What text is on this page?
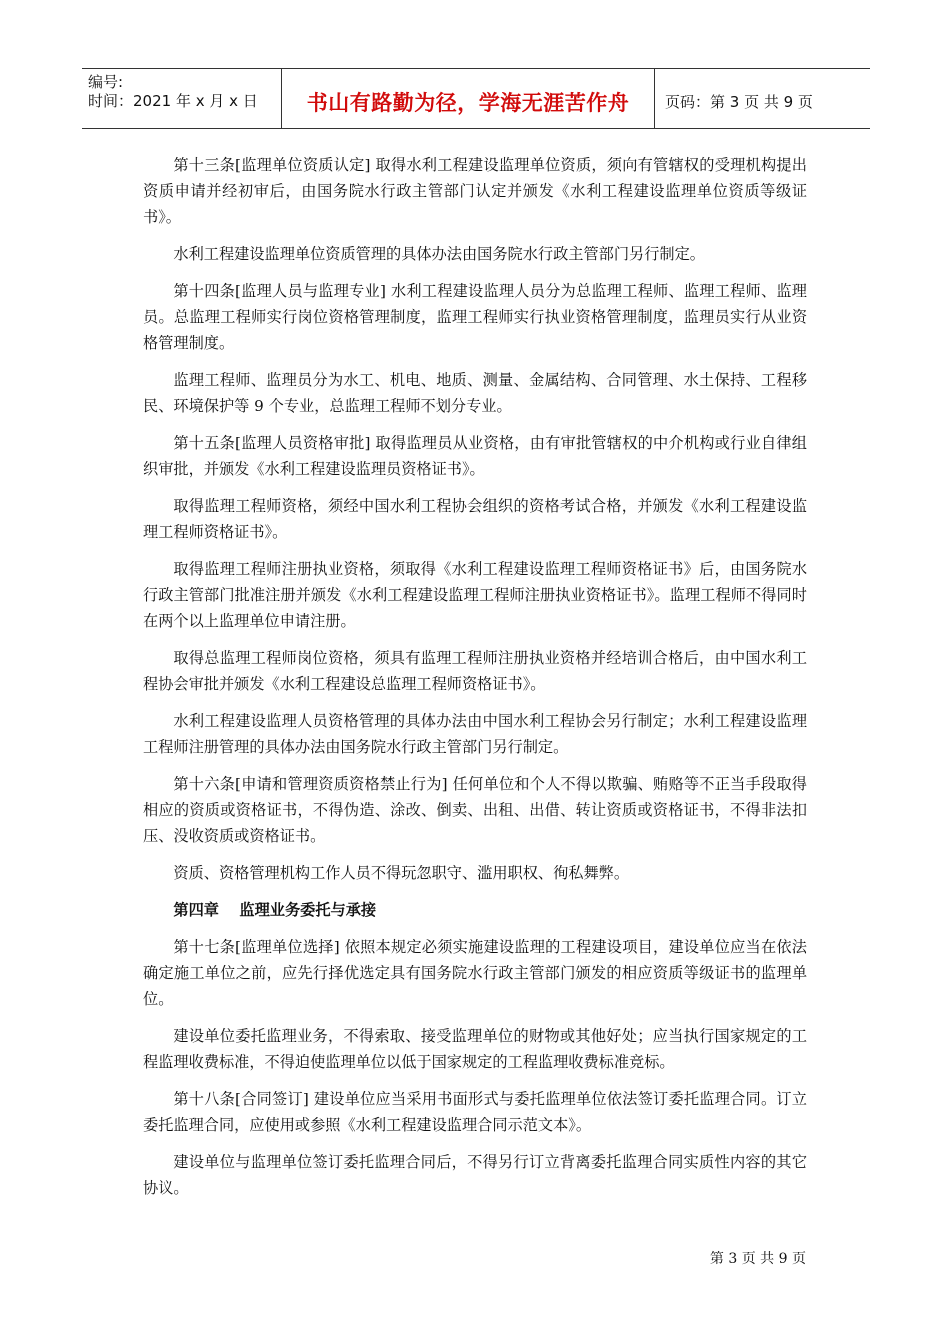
编号:
时间：2021 年 x 月 x 日	书山有路勤为径，学海无涯苦作舟	页码：第 3 页 共 9 页

第十三条[监理单位资质认定] 取得水利工程建设监理单位资质，须向有管辖权的受理机构提出资质申请并经初审后，由国务院水行政主管部门认定并颁发《水利工程建设监理单位资质等级证书》。

水利工程建设监理单位资质管理的具体办法由国务院水行政主管部门另行制定。

第十四条[监理人员与监理专业] 水利工程建设监理人员分为总监理工程师、监理工程师、监理员。总监理工程师实行岗位资格管理制度，监理工程师实行执业资格管理制度，监理员实行从业资格管理制度。

监理工程师、监理员分为水工、机电、地质、测量、金属结构、合同管理、水土保持、工程移民、环境保护等 9 个专业，总监理工程师不划分专业。

第十五条[监理人员资格审批] 取得监理员从业资格，由有审批管辖权的中介机构或行业自律组织审批，并颁发《水利工程建设监理员资格证书》。

取得监理工程师资格，须经中国水利工程协会组织的资格考试合格，并颁发《水利工程建设监理工程师资格证书》。

取得监理工程师注册执业资格，须取得《水利工程建设监理工程师资格证书》后，由国务院水行政主管部门批准注册并颁发《水利工程建设监理工程师注册执业资格证书》。监理工程师不得同时在两个以上监理单位申请注册。

取得总监理工程师岗位资格，须具有监理工程师注册执业资格并经培训合格后，由中国水利工程协会审批并颁发《水利工程建设总监理工程师资格证书》。

水利工程建设监理人员资格管理的具体办法由中国水利工程协会另行制定；水利工程建设监理工程师注册管理的具体办法由国务院水行政主管部门另行制定。

第十六条[申请和管理资质资格禁止行为] 任何单位和个人不得以欺骗、贿赂等不正当手段取得相应的资质或资格证书，不得伪造、涂改、倒卖、出租、出借、转让资质或资格证书，不得非法扣压、没收资质或资格证书。

资质、资格管理机构工作人员不得玩忽职守、滥用职权、徇私舞弊。

第四章　 监理业务委托与承接

第十七条[监理单位选择] 依照本规定必须实施建设监理的工程建设项目，建设单位应当在依法确定施工单位之前，应先行择优选定具有国务院水行政主管部门颁发的相应资质等级证书的监理单位。

建设单位委托监理业务，不得索取、接受监理单位的财物或其他好处；应当执行国家规定的工程监理收费标准，不得迫使监理单位以低于国家规定的工程监理收费标准竞标。

第十八条[合同签订] 建设单位应当采用书面形式与委托监理单位依法签订委托监理合同。订立委托监理合同，应使用或参照《水利工程建设监理合同示范文本》。

建设单位与监理单位签订委托监理合同后，不得另行订立背离委托监理合同实质性内容的其它协议。

第 3 页 共 9 页
